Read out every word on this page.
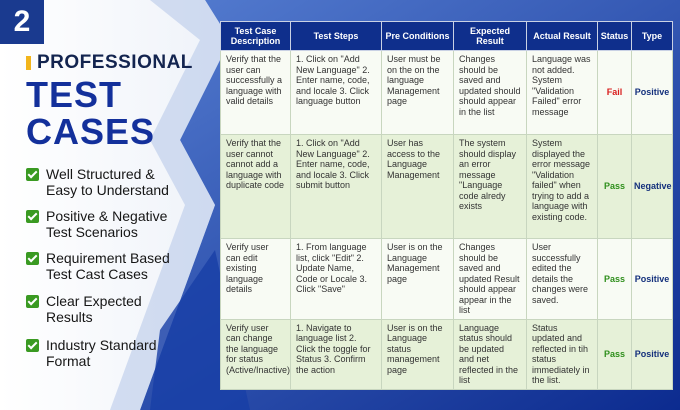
2
PROFESSIONAL
TEST
CASES
Well Structured &
Easy to Understand
Positive & Negative
Test Scenarios
Requirement Based
Test Cast Cases
Clear Expected
Results
Industry Standard
Format
Test Case Description	Test Steps	Pre Conditions	Expected Result	Actual Result	Status	Type
Verify that the user can successfully a language with valid details	1. Click on "Add New Language" 2. Enter name, code, and locale 3. Click language button	User must be on the on the language Management page	Changes should be saved and updated should should appear in the list	Language was not added. System "Validation Failed" error message	Fail	Positive
Verify that the user cannot cannot add a language with duplicate code	1. Click on "Add New Language" 2. Enter name, code, and locale 3. Click submit button	User has access to the Language Management	The system should display an error message "Language code alredy exists	System displayed the error message "Validation failed" when trying to add a language with existing code.	Pass	Negative
Verify user can edit existing language details	1. From language list, click "Edit" 2. Update Name, Code or Locale 3. Click "Save"	User is on the Language Management page	Changes should be saved and updated Result should appear appear in the list	User successfully edited the details the changes were saved.	Pass	Positive
Verify user can change the language for status (Active/Inactive)	1. Navigate to language list 2. Click the toggle for Status 3. Confirm the action	User is on the Language status management page	Language status should be updated and net reflected in the list	Status updated and reflected in tih status immediately in the list.	Pass	Positive
